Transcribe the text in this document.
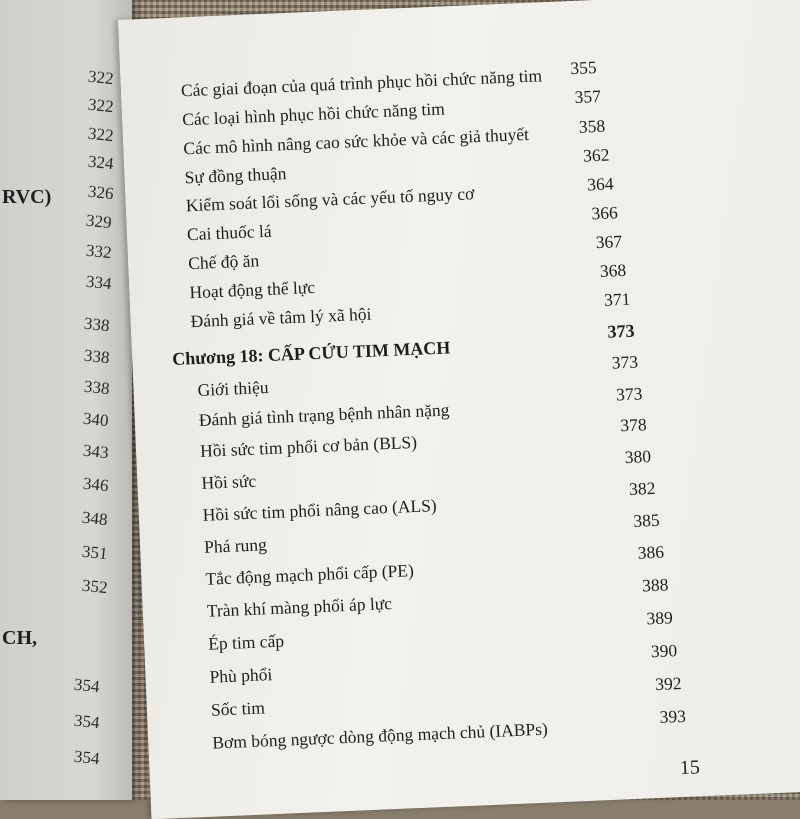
322
322
322
324
326
329
332
334
338
338
338
340
343
346
348
351
352
354
354
354
RVC)
CH,
Các giai đoạn của quá trình phục hồi chức năng tim 355
Các loại hình phục hồi chức năng tim
357
Các mô hình nâng cao sức khỏe và các giả thuyết	358
Sự đồng thuận
362
Kiểm soát lối sống và các yếu tố nguy cơ	364
Cai thuốc lá
366
Chế độ ăn
367
Hoạt động thể lực
368
Đánh giá về tâm lý xã hội
371
373
Chương 18: CẤP CỨU TIM MẠCH
Giới thiệu
373
Đánh giá tình trạng bệnh nhân nặng
373
Hồi sức tim phổi cơ bản (BLS)
378
Hồi sức
380
Hồi sức tim phổi nâng cao (ALS)
382
Phá rung
385
Tắc động mạch phổi cấp (PE)
386
Tràn khí màng phổi áp lực
388
Ép tim cấp
389
Phù phổi
390
Sốc tim
392
Bơm bóng ngược dòng động mạch chủ (IABPs)
393
15
